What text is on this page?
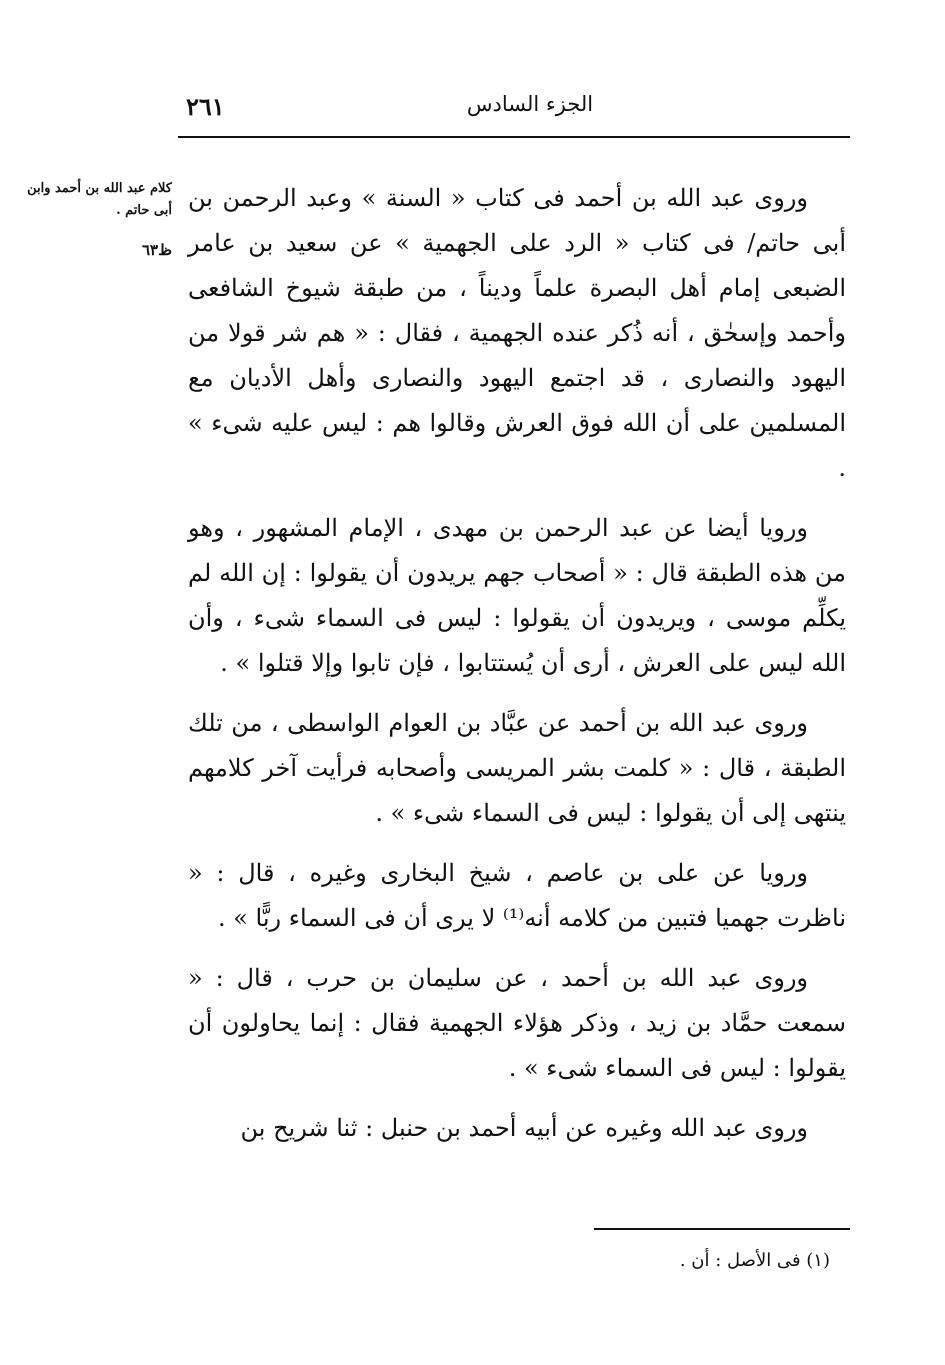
الجزء السادس
٢٦١
كلام عبد الله بن أحمد وابن أبى حاتم .
ظ٦٣

وروى عبد الله بن أحمد فى كتاب « السنة » وعبد الرحمن بن أبى حاتم/ فى كتاب « الرد على الجهمية » عن سعيد بن عامر الضبعى إمام أهل البصرة علماً وديناً ، من طبقة شيوخ الشافعى وأحمد وإسحٰق ، أنه ذُكر عنده الجهمية ، فقال : « هم شر قولا من اليهود والنصارى ، قد اجتمع اليهود والنصارى وأهل الأديان مع المسلمين على أن الله فوق العرش وقالوا هم : ليس عليه شىء » .

ورويا أيضا عن عبد الرحمن بن مهدى ، الإمام المشهور ، وهو من هذه الطبقة قال : « أصحاب جهم يريدون أن يقولوا : إن الله لم يكلِّم موسى ، ويريدون أن يقولوا : ليس فى السماء شىء ، وأن الله ليس على العرش ، أرى أن يُستتابوا ، فإن تابوا وإلا قتلوا » .

وروى عبد الله بن أحمد عن عبَّاد بن العوام الواسطى ، من تلك الطبقة ، قال : « كلمت بشر المريسى وأصحابه فرأيت آخر كلامهم ينتهى إلى أن يقولوا : ليس فى السماء شىء » .

ورويا عن على بن عاصم ، شيخ البخارى وغيره ، قال : « ناظرت جهميا فتبين من كلامه أنه⁽¹⁾ لا يرى أن فى السماء ربًّا » .

وروى عبد الله بن أحمد ، عن سليمان بن حرب ، قال : « سمعت حمَّاد بن زيد ، وذكر هؤلاء الجهمية فقال : إنما يحاولون أن يقولوا : ليس فى السماء شىء » .

وروى عبد الله وغيره عن أبيه أحمد بن حنبل : ثنا شريح بن

(١) فى الأصل : أن .
